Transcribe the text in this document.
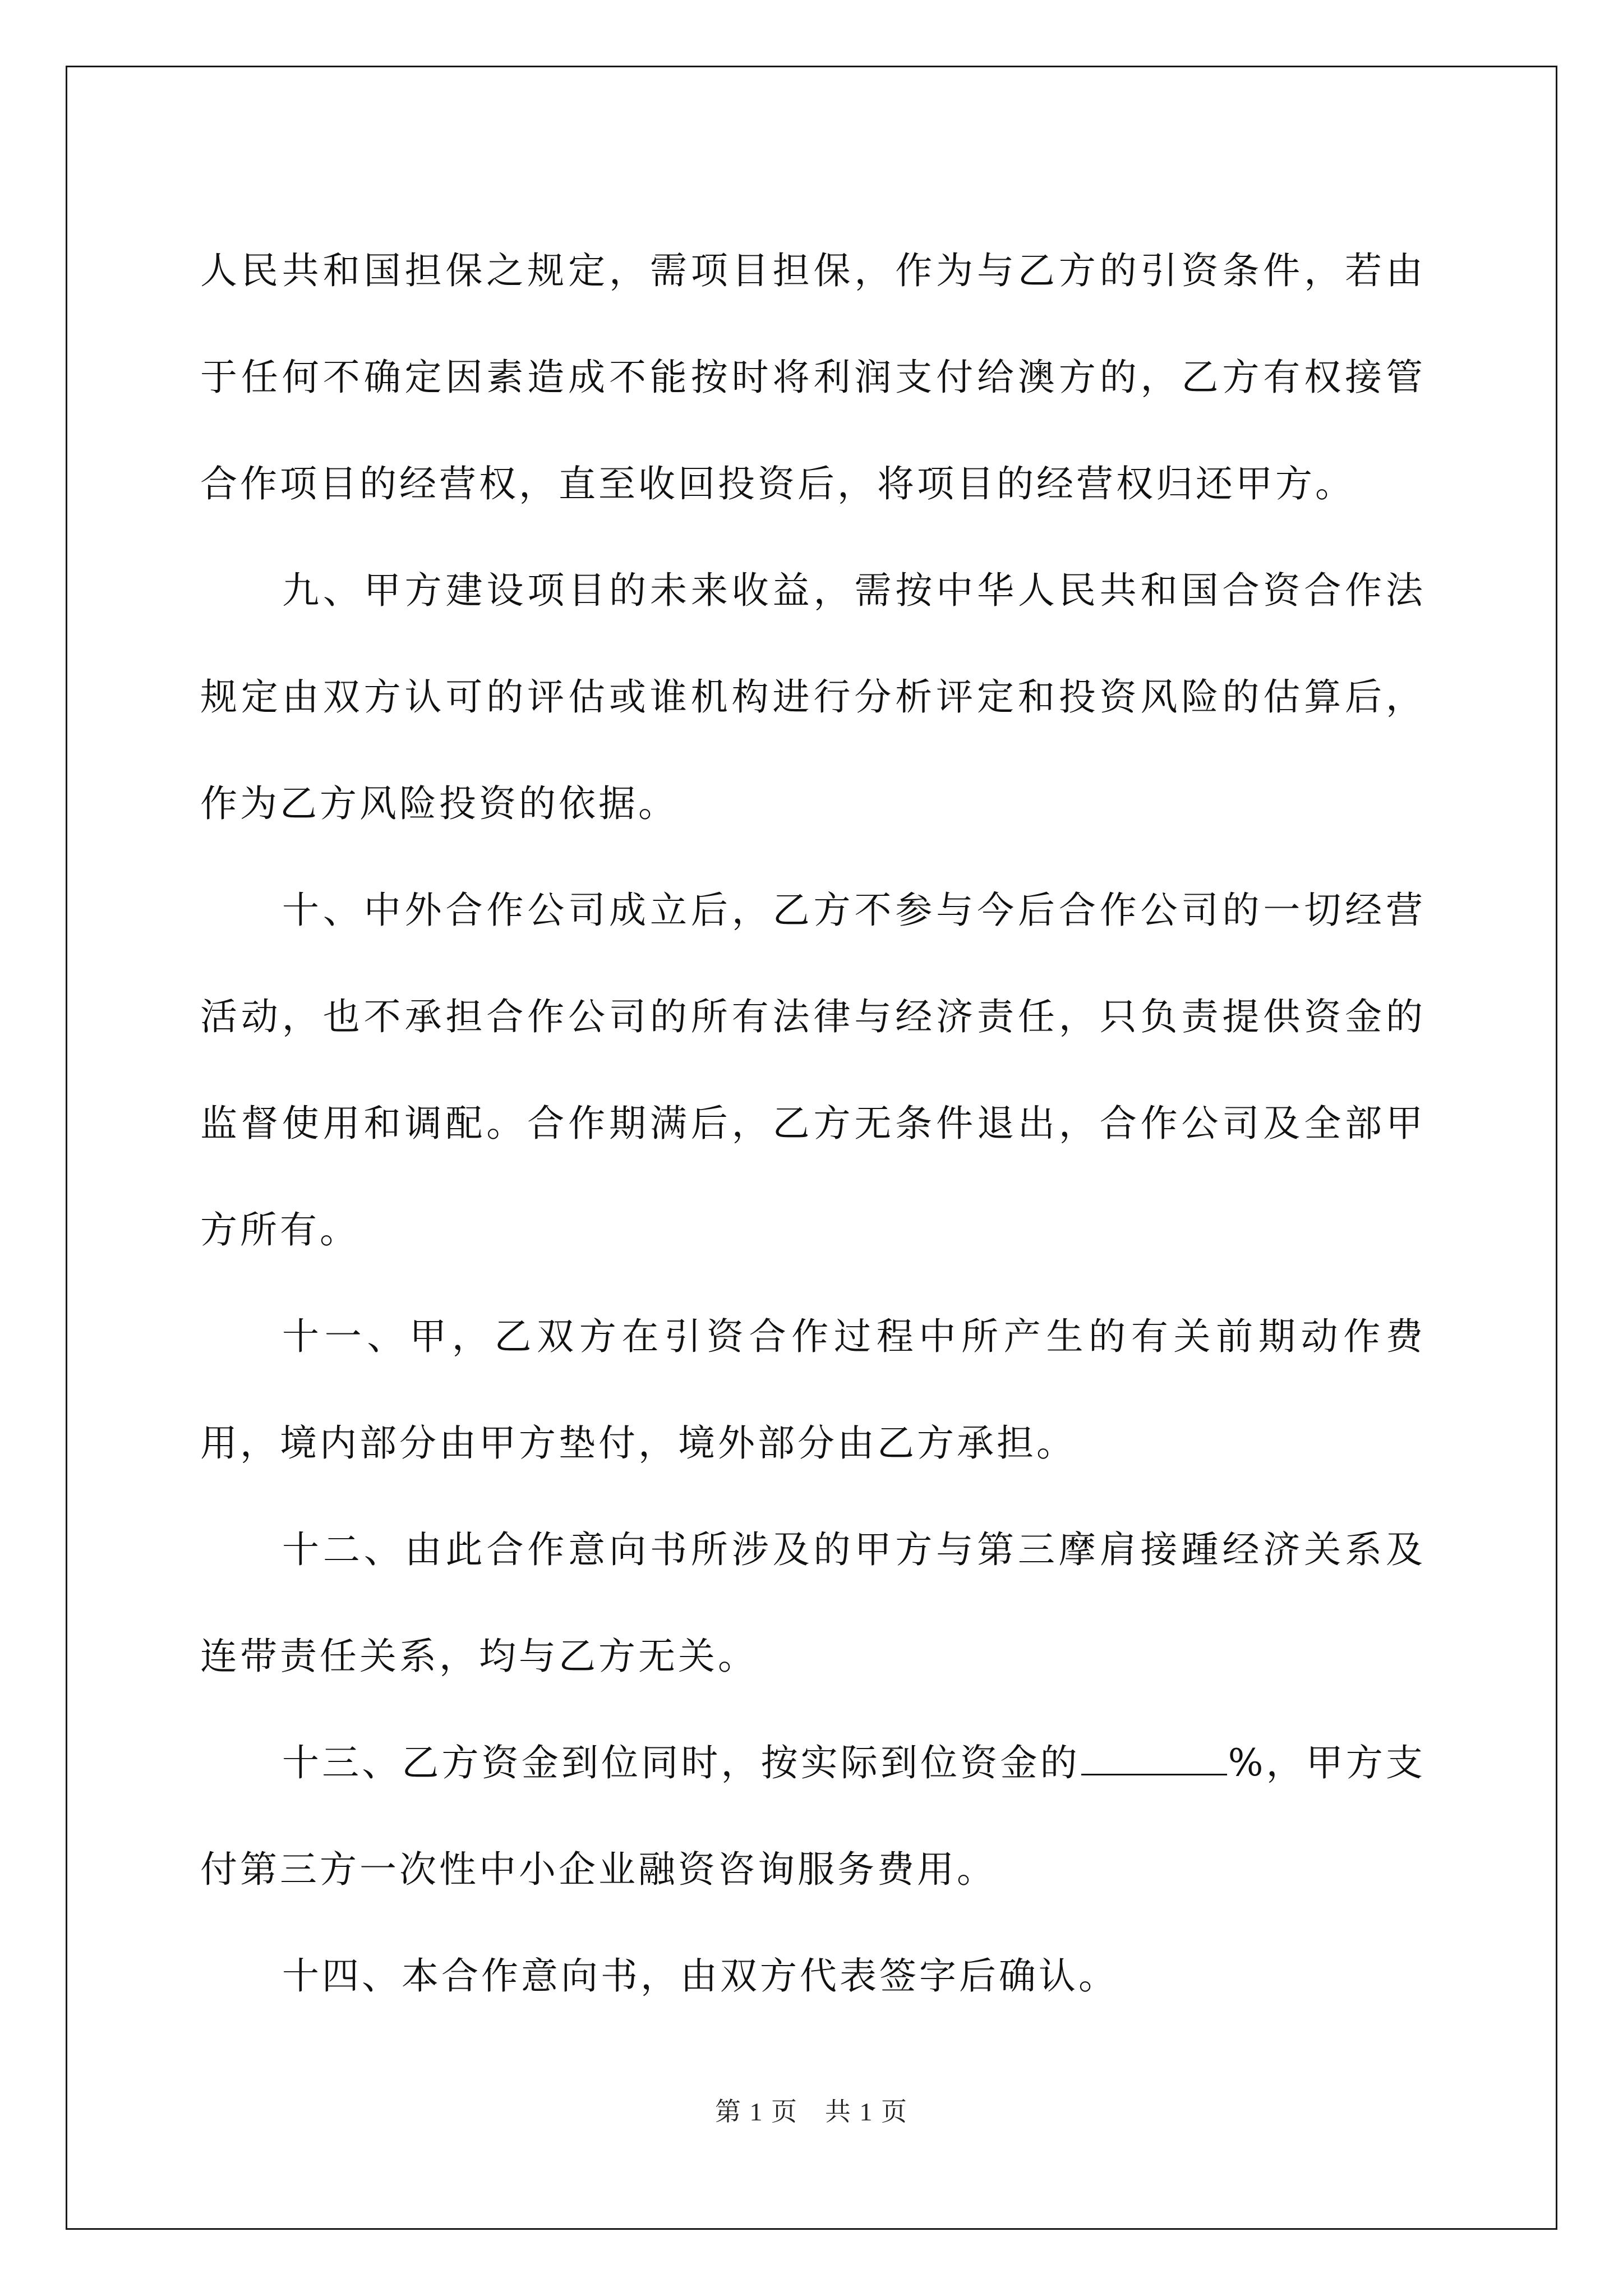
人民共和国担保之规定，需项目担保，作为与乙方的引资条件，若由于任何不确定因素造成不能按时将利润支付给澳方的，乙方有权接管合作项目的经营权，直至收回投资后，将项目的经营权归还甲方。

九、甲方建设项目的未来收益，需按中华人民共和国合资合作法规定由双方认可的评估或谁机构进行分析评定和投资风险的估算后，作为乙方风险投资的依据。

十、中外合作公司成立后，乙方不参与今后合作公司的一切经营活动，也不承担合作公司的所有法律与经济责任，只负责提供资金的监督使用和调配。合作期满后，乙方无条件退出，合作公司及全部甲方所有。

十一、甲，乙双方在引资合作过程中所产生的有关前期动作费用，境内部分由甲方垫付，境外部分由乙方承担。

十二、由此合作意向书所涉及的甲方与第三摩肩接踵经济关系及连带责任关系，均与乙方无关。

十三、乙方资金到位同时，按实际到位资金的	%，甲方支付第三方一次性中小企业融资咨询服务费用。

十四、本合作意向书，由双方代表签字后确认。

第 1 页　共 1 页
